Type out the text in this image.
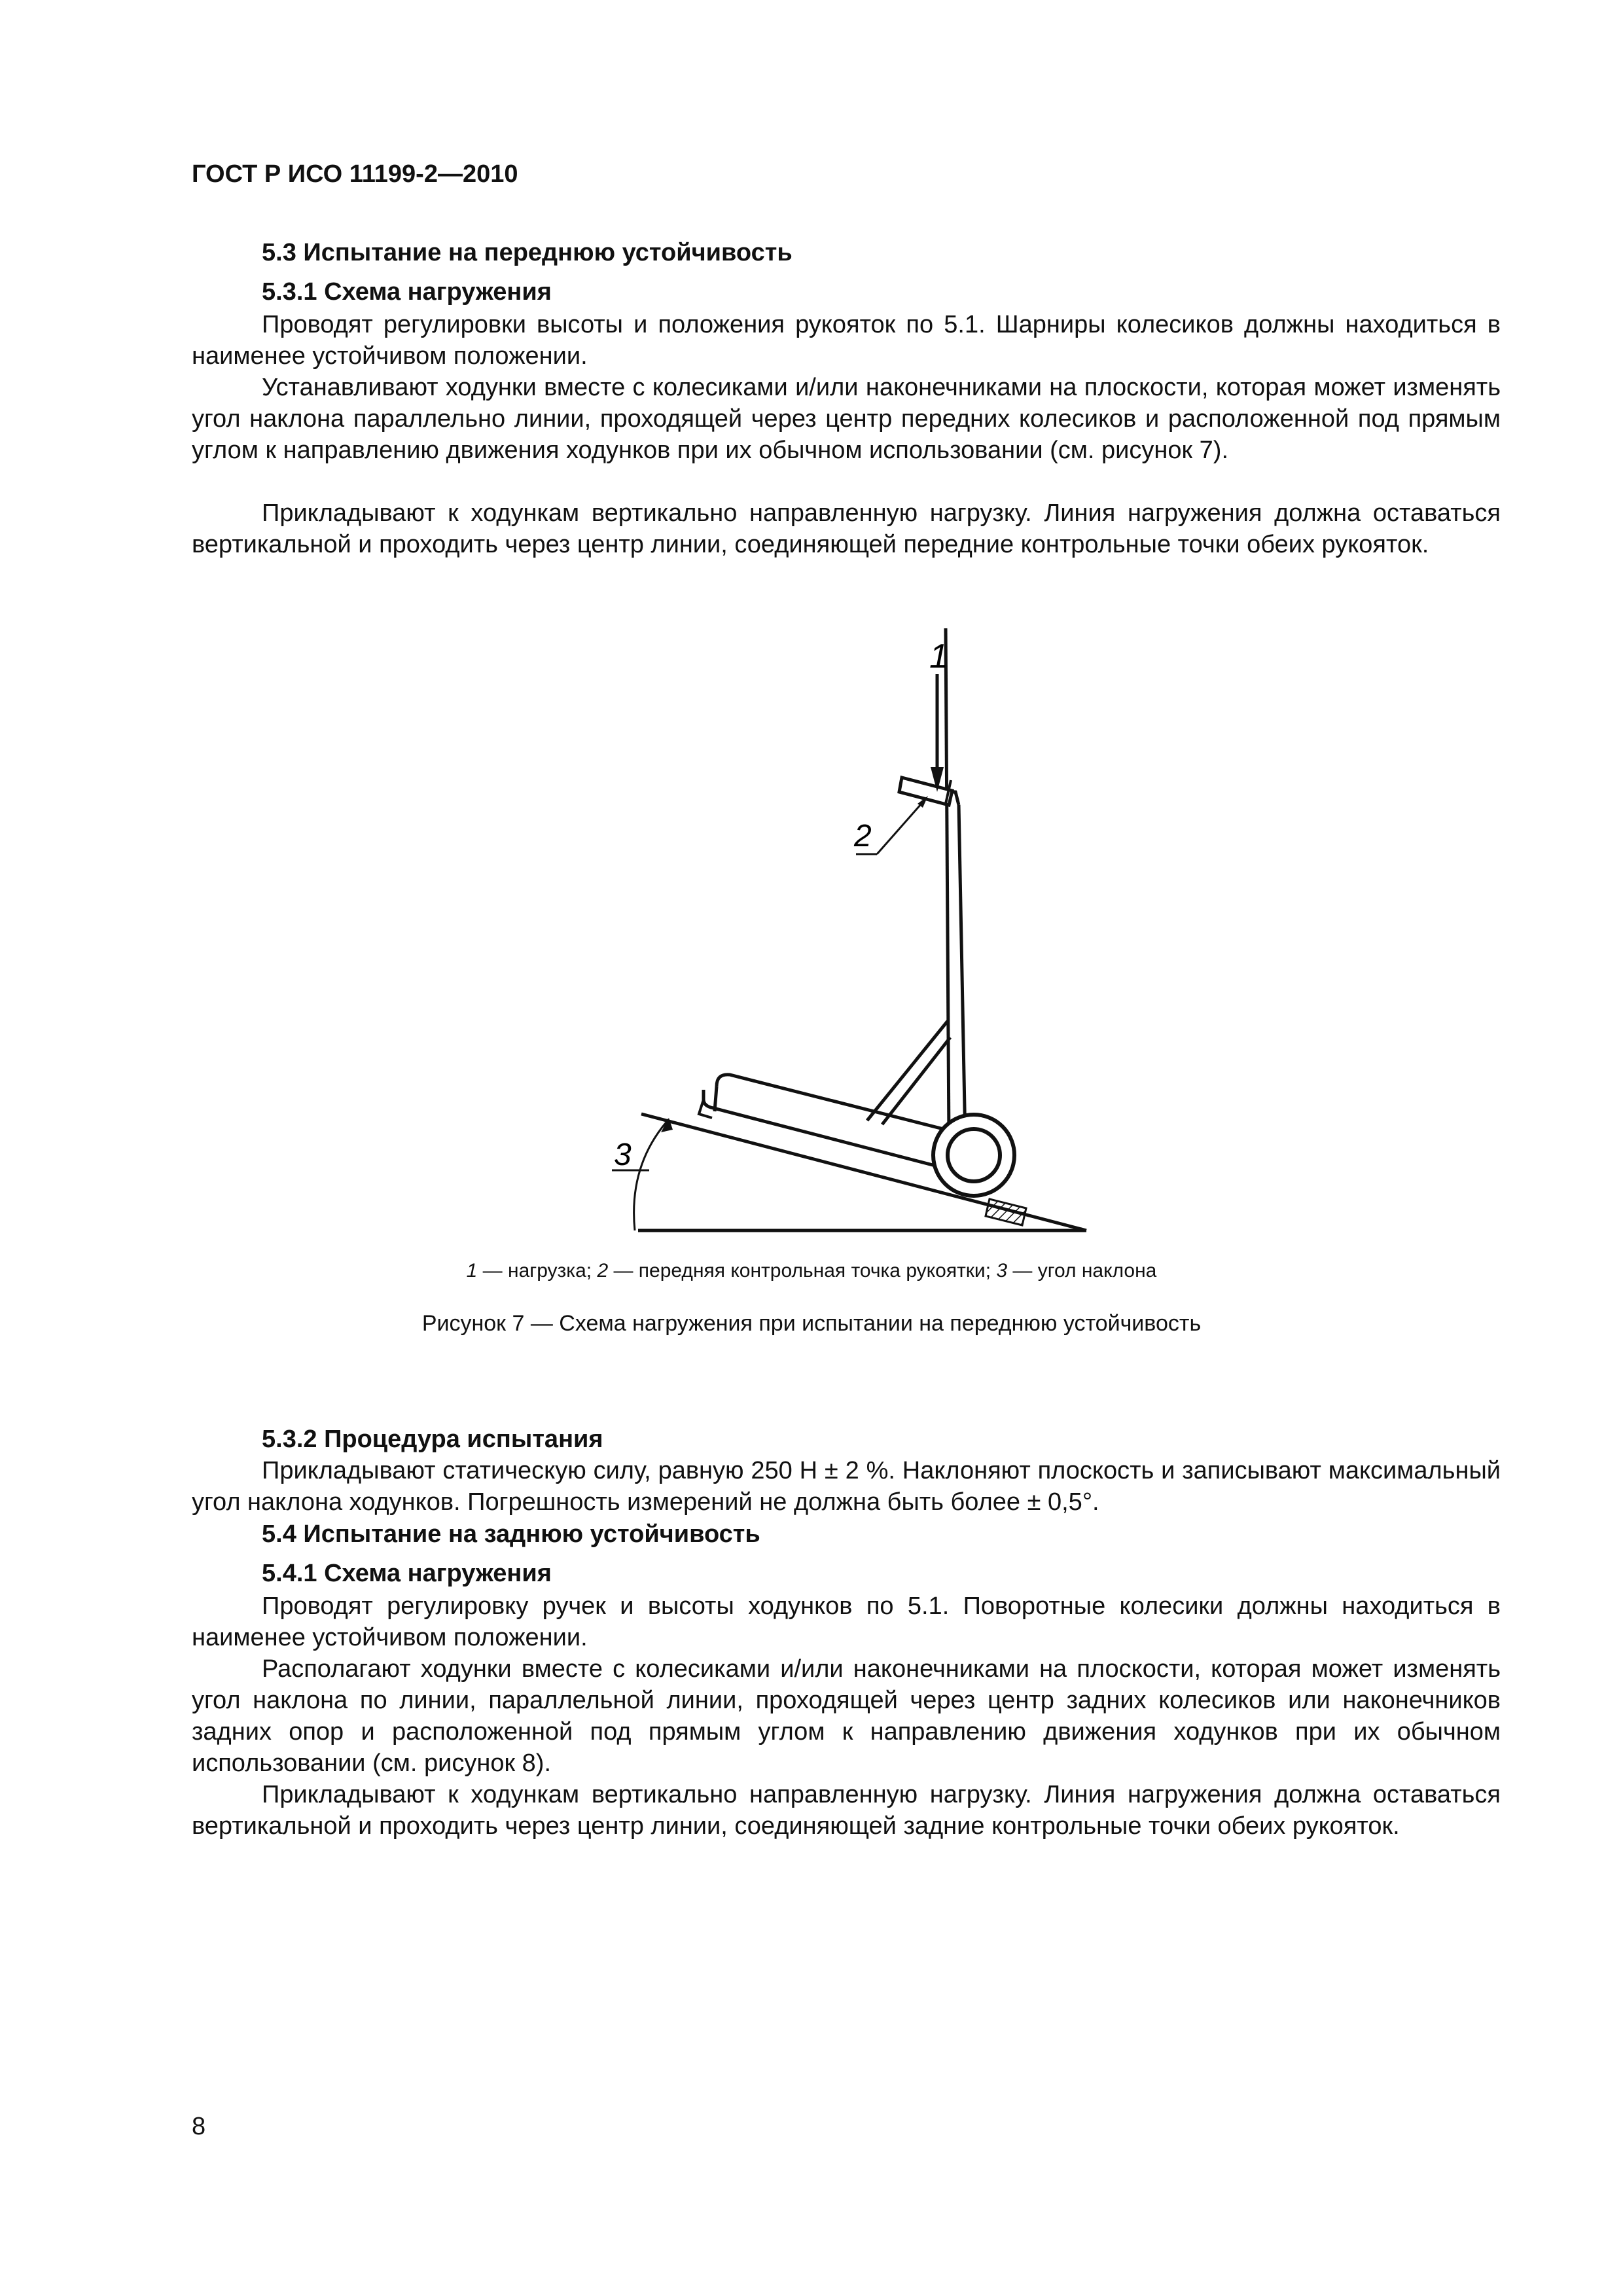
ГОСТ Р ИСО 11199-2—2010
5.3 Испытание на переднюю устойчивость
5.3.1 Схема нагружения

Проводят регулировки высоты и положения рукояток по 5.1. Шарниры колесиков должны находиться в наименее устойчивом положении.

Устанавливают ходунки вместе с колесиками и/или наконечниками на плоскости, которая может изменять угол наклона параллельно линии, проходящей через центр передних колесиков и расположенной под прямым углом к направлению движения ходунков при их обычном использовании (см. рисунок 7).

Прикладывают к ходункам вертикально направленную нагрузку. Линия нагружения должна оставаться вертикальной и проходить через центр линии, соединяющей передние контрольные точки обеих рукояток.

1
2
3
1 — нагрузка; 2 — передняя контрольная точка рукоятки; 3 — угол наклона
Рисунок 7 — Схема нагружения при испытании на переднюю устойчивость
5.3.2 Процедура испытания

Прикладывают статическую силу, равную 250 Н ± 2 %. Наклоняют плоскость и записывают максимальный угол наклона ходунков. Погрешность измерений не должна быть более ± 0,5°.

5.4 Испытание на заднюю устойчивость
5.4.1 Схема нагружения

Проводят регулировку ручек и высоты ходунков по 5.1. Поворотные колесики должны находиться в наименее устойчивом положении.

Располагают ходунки вместе с колесиками и/или наконечниками на плоскости, которая может изменять угол наклона по линии, параллельной линии, проходящей через центр задних колесиков или наконечников задних опор и расположенной под прямым углом к направлению движения ходунков при их обычном использовании (см. рисунок 8).

Прикладывают к ходункам вертикально направленную нагрузку. Линия нагружения должна оставаться вертикальной и проходить через центр линии, соединяющей задние контрольные точки обеих рукояток.

8
